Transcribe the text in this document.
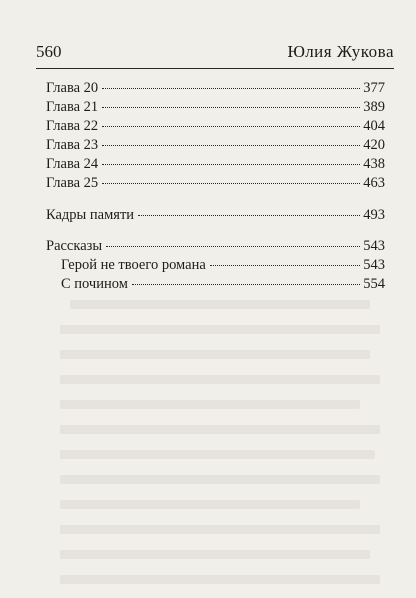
560	Юлия Жукова
Глава 20	377
Глава 21	389
Глава 22	404
Глава 23	420
Глава 24	438
Глава 25	463
Кадры памяти	493
Рассказы	543
Герой не твоего романа	543
С почином	554
